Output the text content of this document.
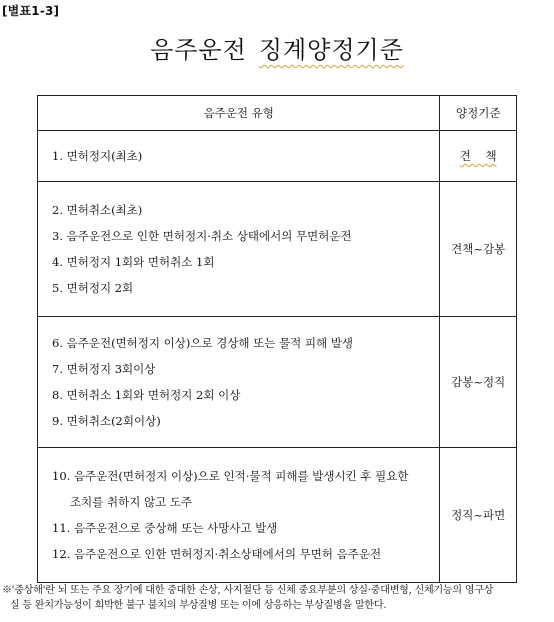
[별표1-3]
음주운전 징계양정기준
음주운전 유형	양정기준

1. 면허정지(최초)	견    책

2. 면허취소(최초)
3. 음주운전으로 인한 면허정지·취소 상태에서의 무면허운전
4. 면허정지 1회와 면허취소 1회
5. 면허정지 2회	견책~감봉

6. 음주운전(면허정지 이상)으로 경상해 또는 물적 피해 발생
7. 면허정지 3회이상
8. 면허취소 1회와 면허정지 2회 이상
9. 면허취소(2회이상)	감봉~정직

10. 음주운전(면허정지 이상)으로 인적·물적 피해를 발생시킨 후 필요한
조치를 취하지 않고 도주
11. 음주운전으로 중상해 또는 사망사고 발생
12. 음주운전으로 인한 면허정지·취소상태에서의 무면허 음주운전	정직~파면
※'중상해'란 뇌 또는 주요 장기에 대한 중대한 손상, 사지절단 등 신체 중요부분의 상실·중대변형, 신체기능의 영구상
실 등 완치가능성이 희박한 불구 불치의 부상질병 또는 이에 상응하는 부상질병을 말한다.
